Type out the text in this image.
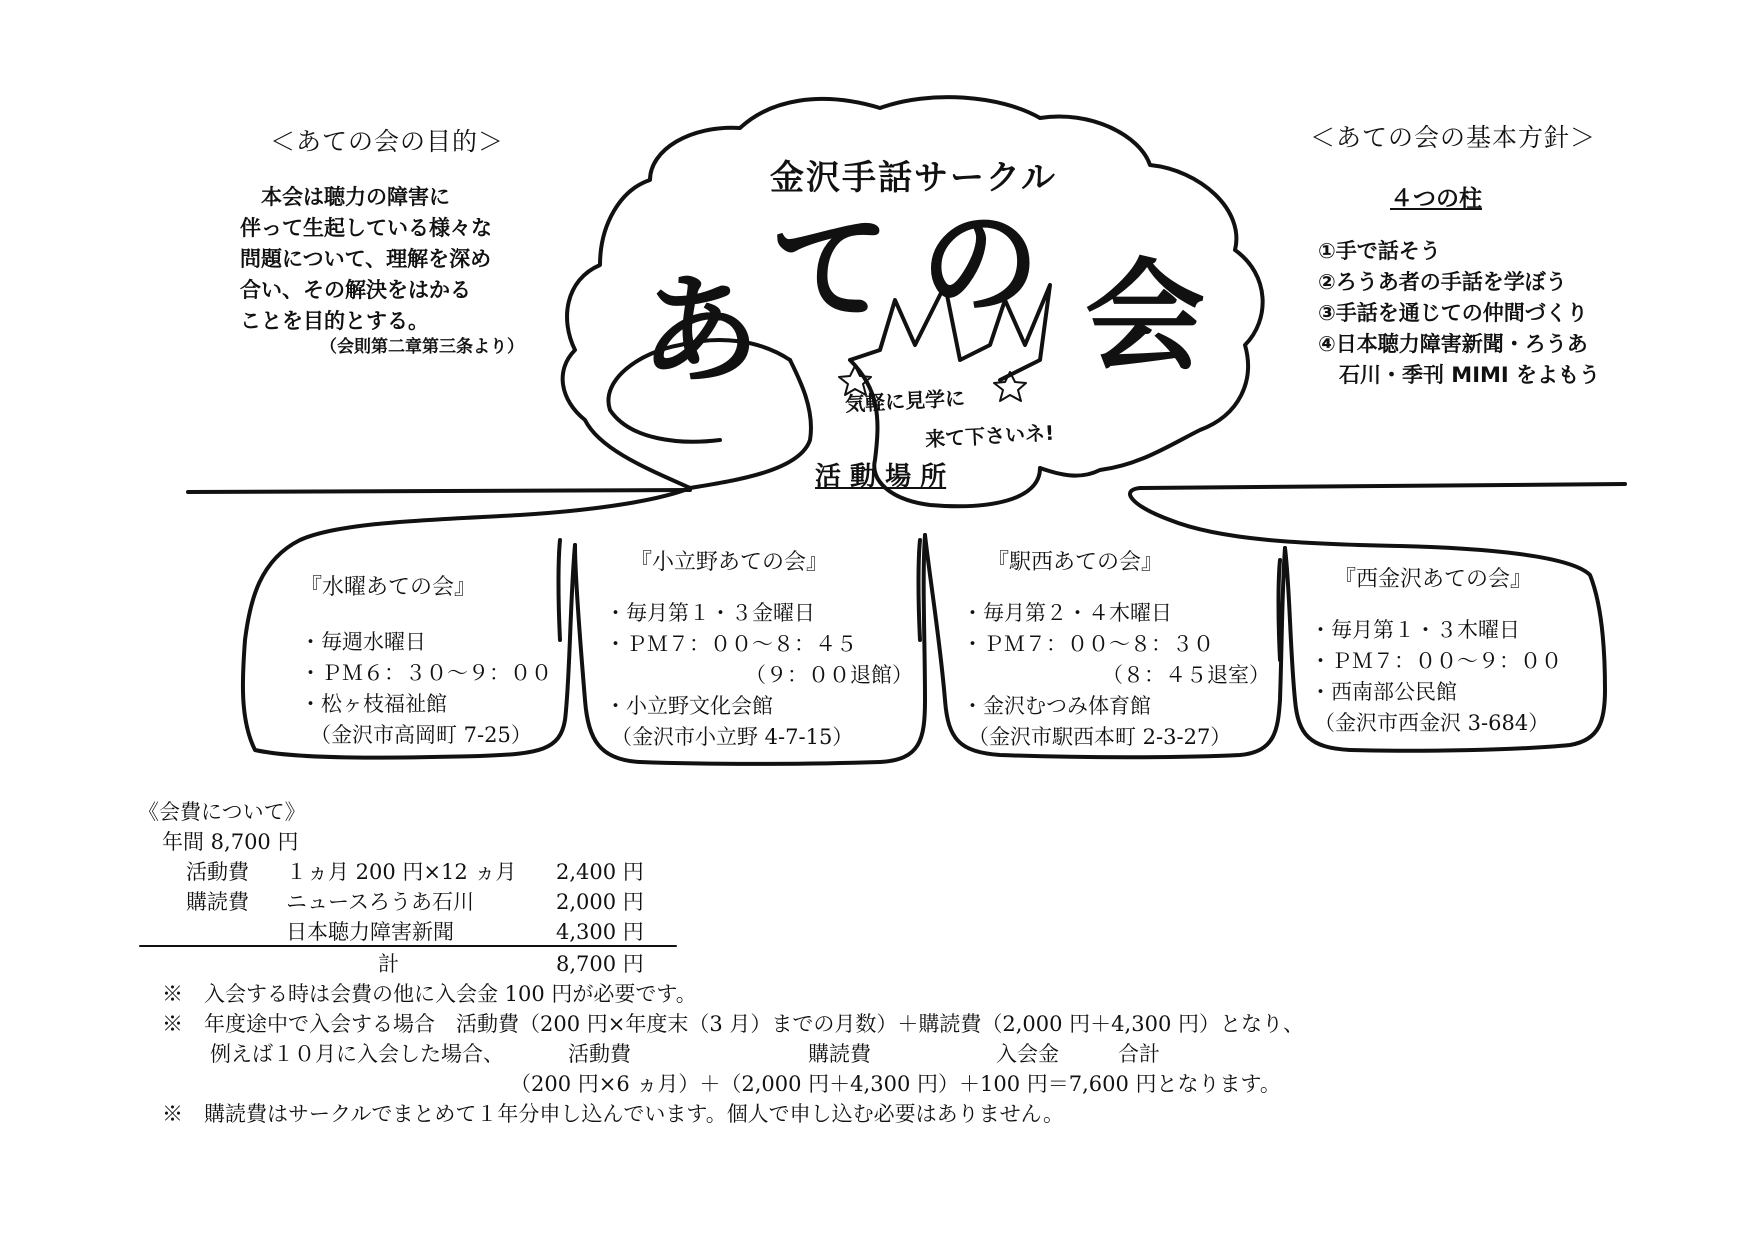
＜あての会の目的＞
　本会は聴力の障害に
伴って生起している様々な
問題について、理解を深め
合い、その解決をはかる
ことを目的とする。
（会則第二章第三条より）
＜あての会の基本方針＞
４つの柱
①手で話そう
②ろうあ者の手話を学ぼう
③手話を通じての仲間づくり
④日本聴力障害新聞・ろうあ
　石川・季刊 MIMI をよもう
金沢手話サークル
あ て の 会
気軽に見学に
来て下さいネ!
活 動 場 所
『水曜あての会』
・毎週水曜日
・ＰＭ６：３０～９：００
・松ヶ枝福祉館
（金沢市高岡町 7-25）
『小立野あての会』
・毎月第１・３金曜日
・ＰＭ７：００～８：４５
（９：００退館）
・小立野文化会館
（金沢市小立野 4-7-15）
『駅西あての会』
・毎月第２・４木曜日
・ＰＭ７：００～８：３０
（８：４５退室）
・金沢むつみ体育館
（金沢市駅西本町 2-3-27）
『西金沢あての会』
・毎月第１・３木曜日
・ＰＭ７：００～９：００
・西南部公民館
（金沢市西金沢 3-684）
《会費について》
年間 8,700 円
活動費 １ヵ月 200 円×12 ヵ月 2,400 円
購読費 ニュースろうあ石川	2,000 円
日本聴力障害新聞	4,300 円
計	8,700 円
※　入会する時は会費の他に入会金 100 円が必要です。
※　年度途中で入会する場合　活動費（200 円×年度末（3 月）までの月数）＋購読費（2,000 円＋4,300 円）となり、
例えば１０月に入会した場合、	活動費	購読費	入会金	合計
（200 円×6 ヵ月）＋（2,000 円＋4,300 円）＋100 円＝7,600 円となります。
※　購読費はサークルでまとめて１年分申し込んでいます。個人で申し込む必要はありません。
